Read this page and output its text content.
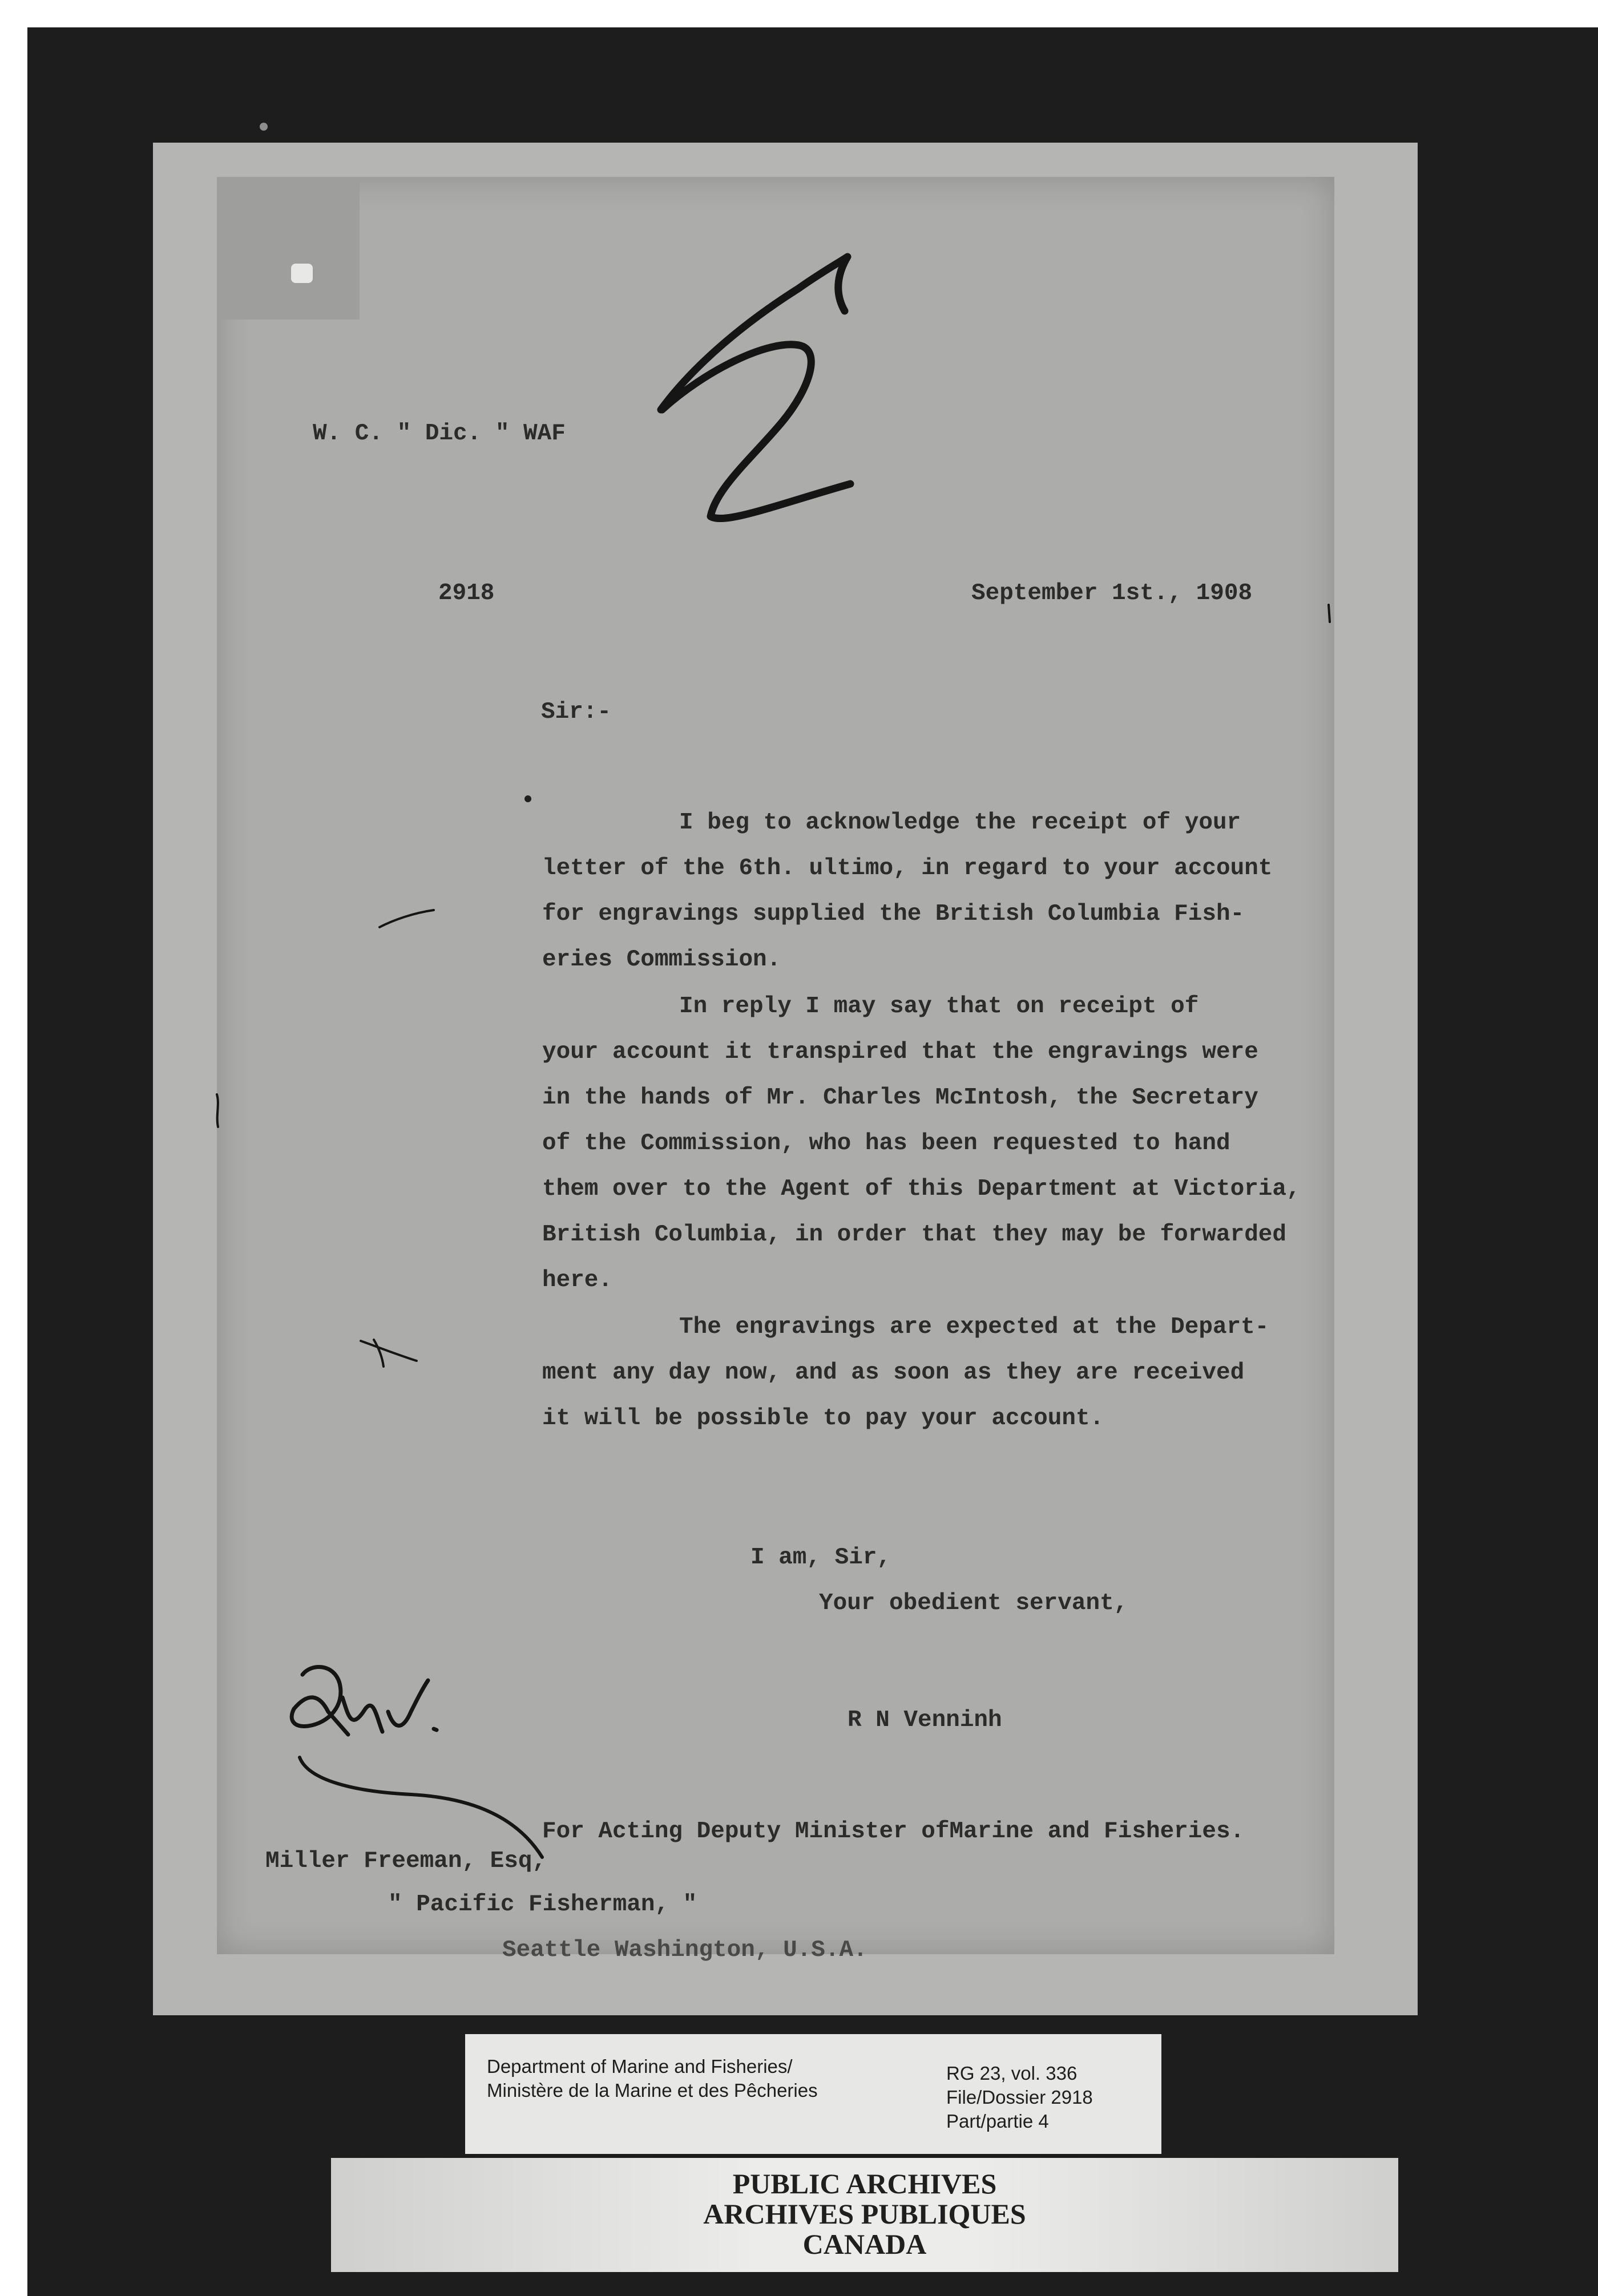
W. C. " Dic. " WAF

2918	September 1st., 1908

Sir:-

I beg to acknowledge the receipt of your

letter of the 6th. ultimo, in regard to your account

for engravings supplied the British Columbia Fish-

eries Commission.

In reply I may say that on receipt of

your account it transpired that the engravings were

in the hands of Mr. Charles McIntosh, the Secretary

of the Commission, who has been requested to hand

them over to the Agent of this Department at Victoria,

British Columbia, in order that they may be forwarded

here.

The engravings are expected at the Depart-

ment any day now, and as soon as they are received

it will be possible to pay your account.

I am, Sir,

Your obedient servant,

R N Venninh

For Acting Deputy Minister ofMarine and Fisheries.

Miller Freeman, Esq,

" Pacific Fisherman, "

Seattle Washington, U.S.A.

Department of Marine and Fisheries/
Ministère de la Marine et des Pêcheries
RG 23, vol. 336
File/Dossier 2918
Part/partie 4
PUBLIC ARCHIVES
ARCHIVES PUBLIQUES
CANADA
